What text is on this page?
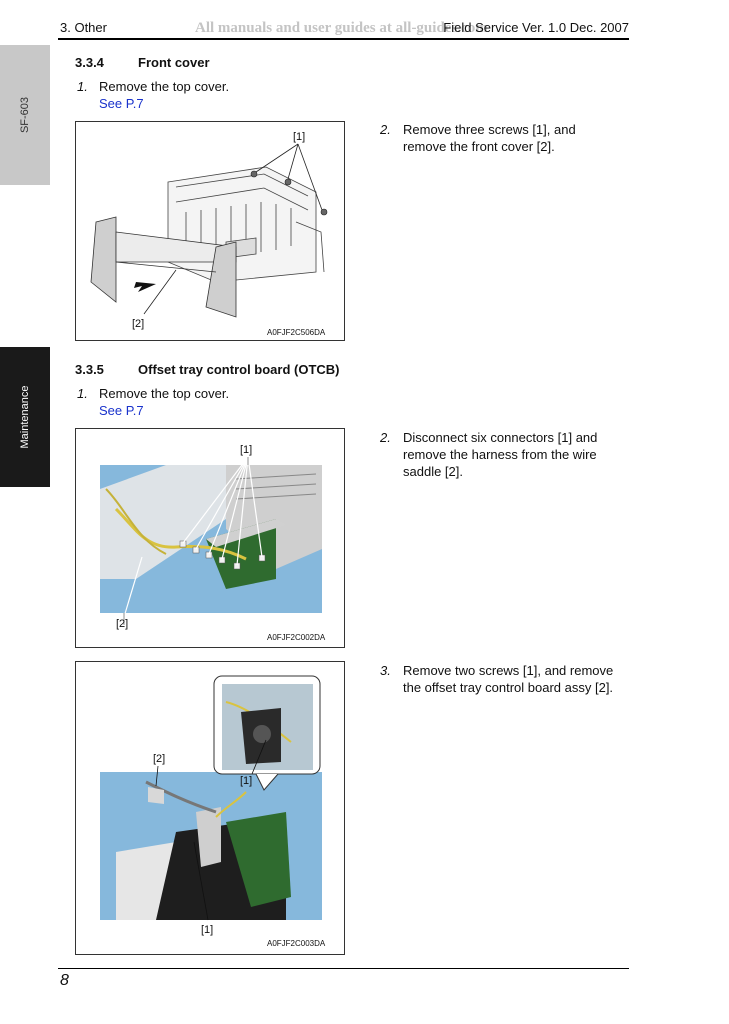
3. Other	All manuals and user guides at all-guides.com
Field Service Ver. 1.0 Dec. 2007
SF-603
Maintenance
3.3.4	Front cover
1. Remove the top cover.
See P.7
[1]
[2]
A0FJF2C506DA
2. Remove three screws [1], and
remove the front cover [2].
3.3.5	Offset tray control board (OTCB)
1. Remove the top cover.
See P.7
[1]
[2]
A0FJF2C002DA
2. Disconnect six connectors [1] and
remove the harness from the wire
saddle [2].
[2]
[1]
[1]
A0FJF2C003DA
3. Remove two screws [1], and remove
the offset tray control board assy [2].
8
